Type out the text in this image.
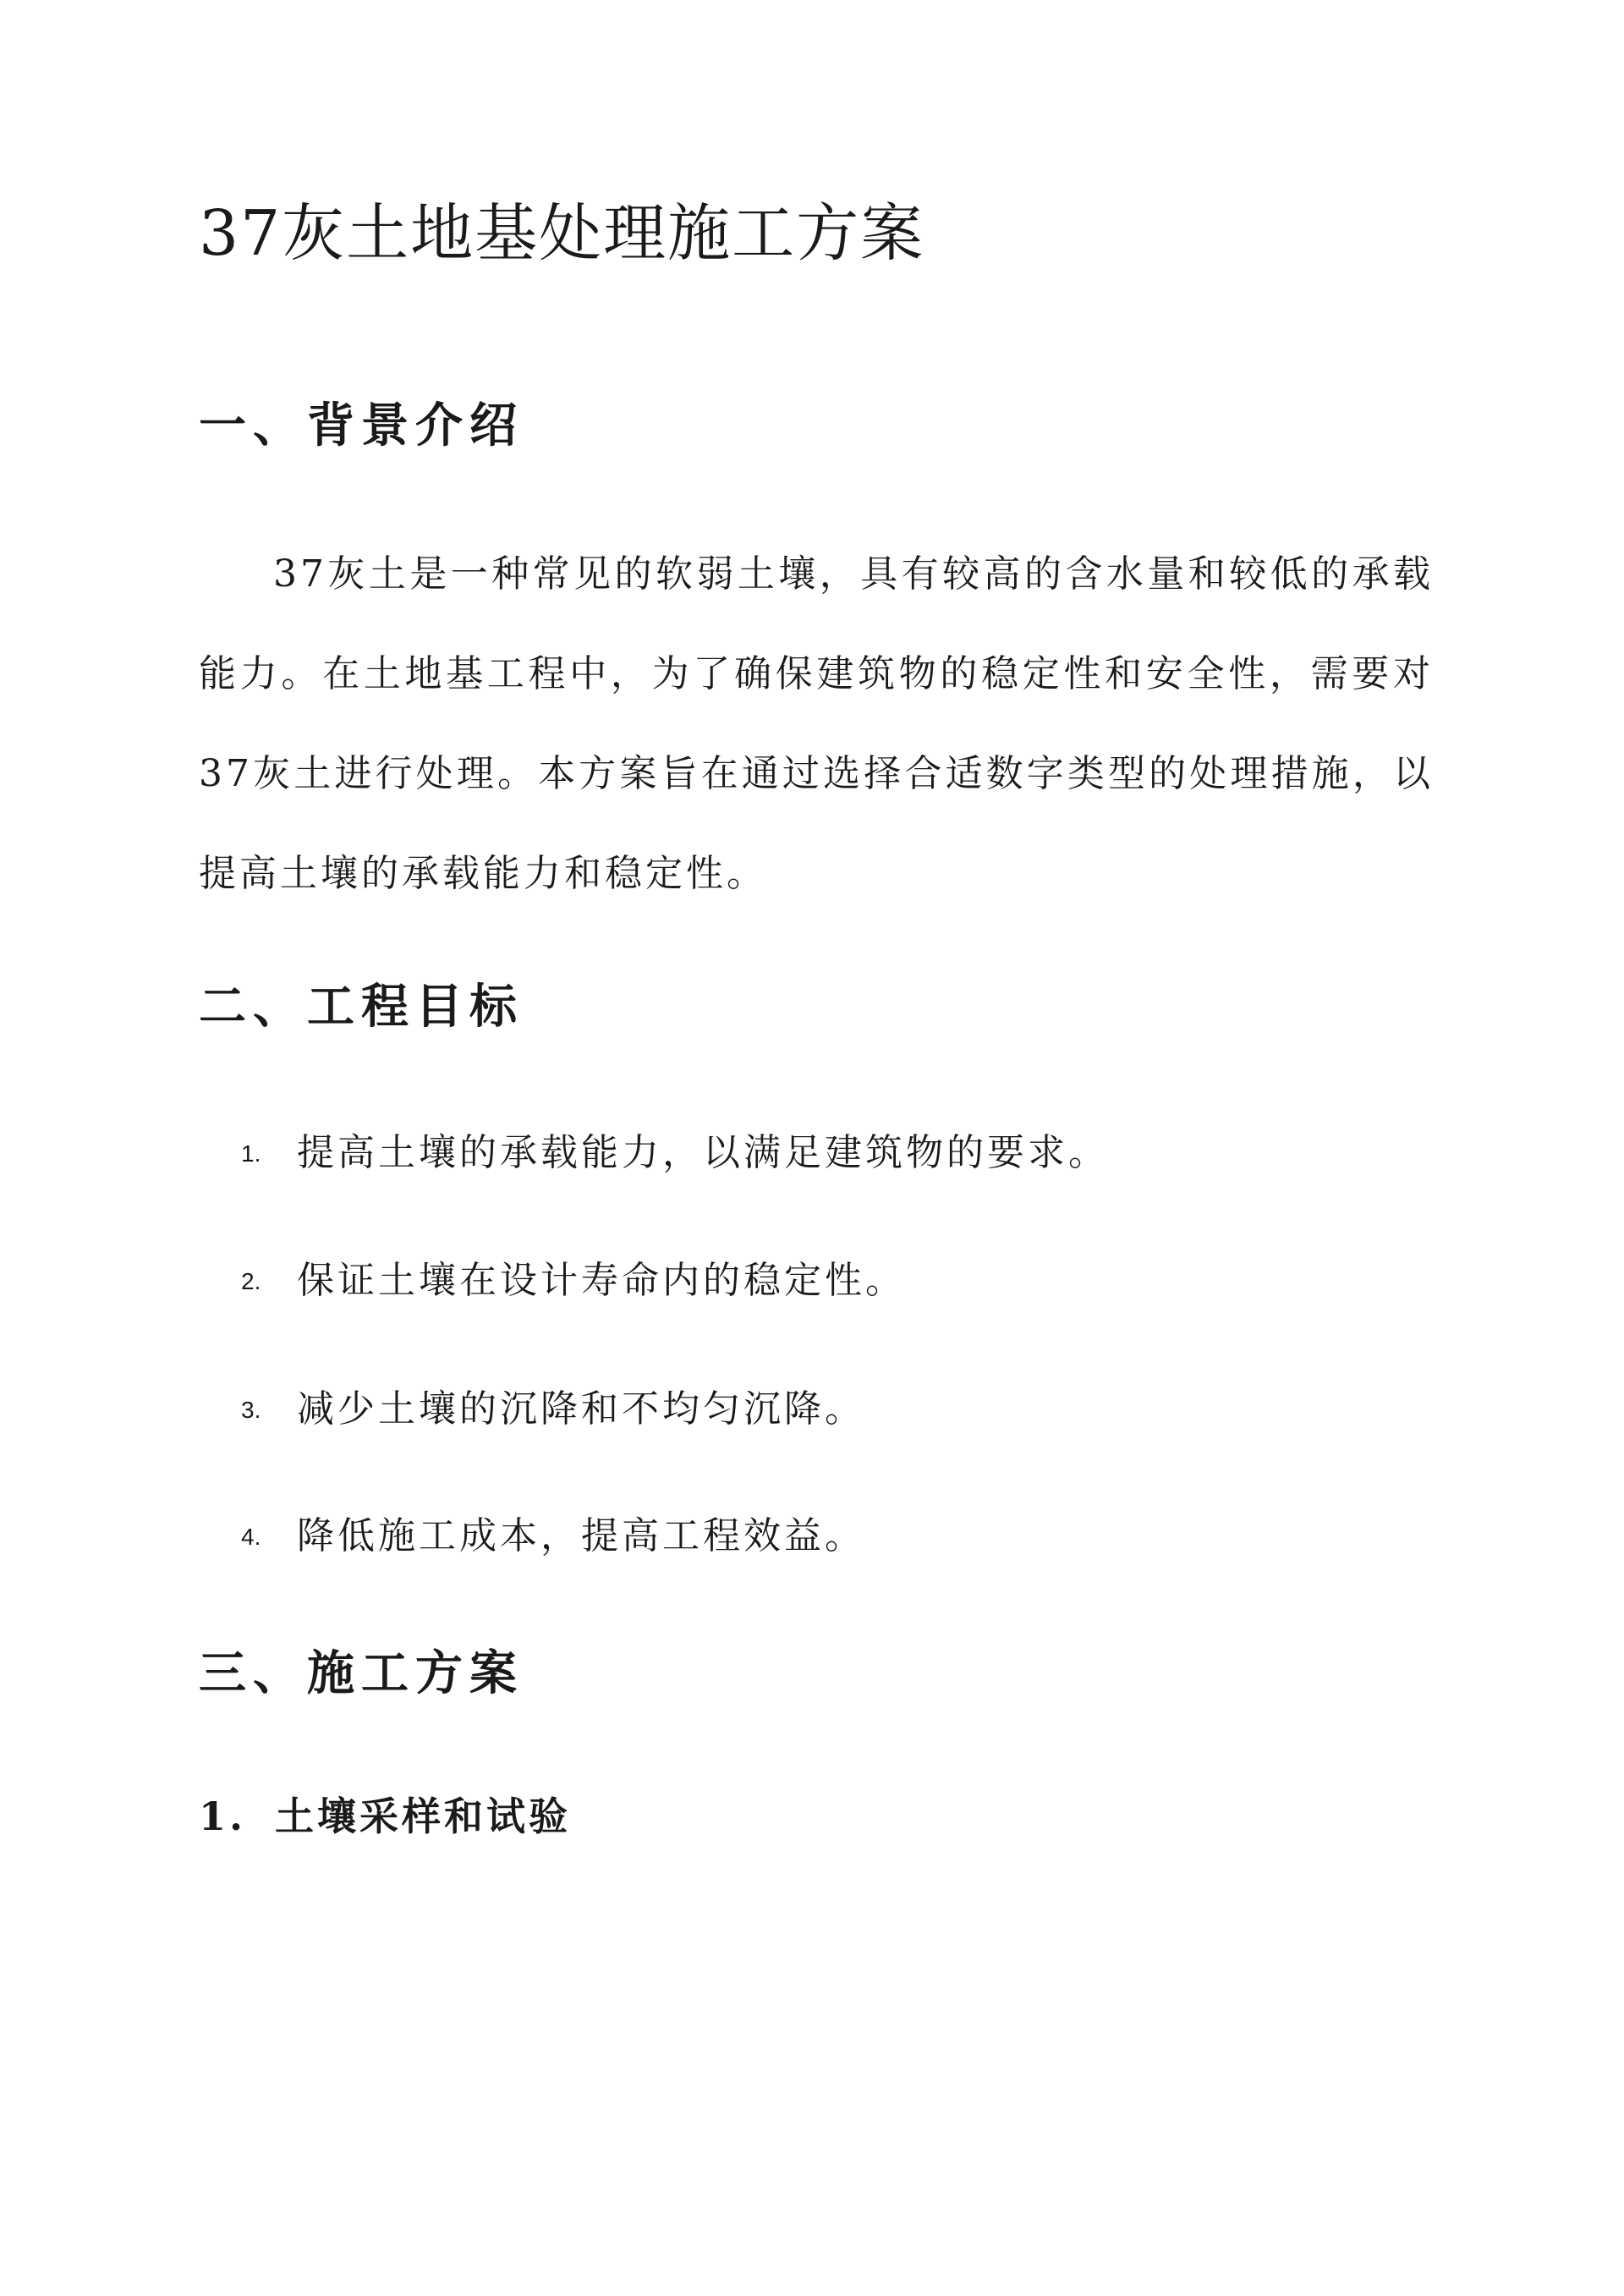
37灰土地基处理施工方案
一、背景介绍

37灰土是一种常见的软弱土壤，具有较高的含水量和较低的承载能力。在土地基工程中，为了确保建筑物的稳定性和安全性，需要对37灰土进行处理。本方案旨在通过选择合适数字类型的处理措施，以提高土壤的承载能力和稳定性。

二、工程目标
1. 提高土壤的承载能力，以满足建筑物的要求。
2. 保证土壤在设计寿命内的稳定性。
3. 减少土壤的沉降和不均匀沉降。
4. 降低施工成本，提高工程效益。
三、施工方案
1. 土壤采样和试验
